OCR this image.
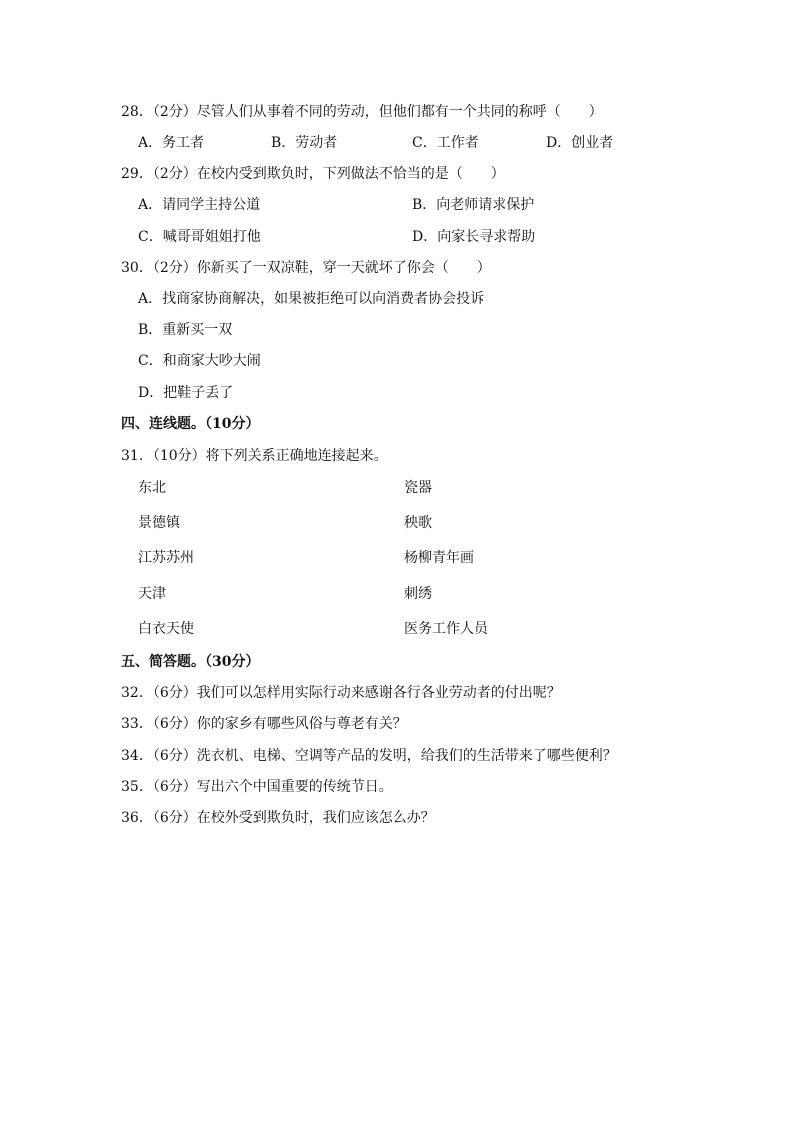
28．（2分）尽管人们从事着不同的劳动，但他们都有一个共同的称呼（　　）
A．务工者	B．劳动者	C．工作者	D．创业者
29．（2分）在校内受到欺负时，下列做法不恰当的是（　　）
A．请同学主持公道	B．向老师请求保护
C．喊哥哥姐姐打他	D．向家长寻求帮助
30．（2分）你新买了一双凉鞋，穿一天就坏了你会（　　）
A．找商家协商解决，如果被拒绝可以向消费者协会投诉
B．重新买一双
C．和商家大吵大闹
D．把鞋子丢了
四、连线题。（10分）
31．（10分）将下列关系正确地连接起来。
东北	瓷器
景德镇	秧歌
江苏苏州	杨柳青年画
天津	刺绣
白衣天使	医务工作人员
五、简答题。（30分）
32．（6分）我们可以怎样用实际行动来感谢各行各业劳动者的付出呢？
33．（6分）你的家乡有哪些风俗与尊老有关？
34．（6分）洗衣机、电梯、空调等产品的发明，给我们的生活带来了哪些便利？
35．（6分）写出六个中国重要的传统节日。
36．（6分）在校外受到欺负时，我们应该怎么办？
